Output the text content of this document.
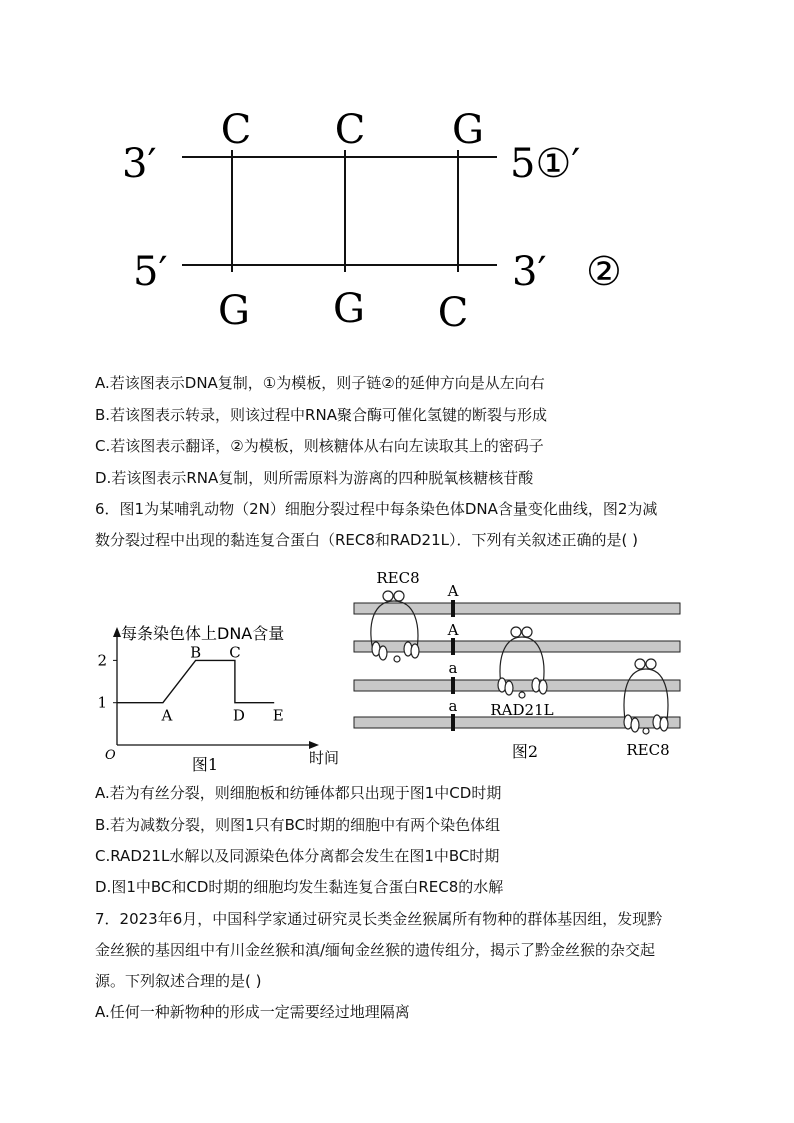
3′	5①′
5′	3′ ②
C C G
G G C
A.若该图表示DNA复制，①为模板，则子链②的延伸方向是从左向右
B.若该图表示转录，则该过程中RNA聚合酶可催化氢键的断裂与形成
C.若该图表示翻译，②为模板，则核糖体从右向左读取其上的密码子
D.若该图表示RNA复制，则所需原料为游离的四种脱氧核糖核苷酸
6．图1为某哺乳动物（2N）细胞分裂过程中每条染色体DNA含量变化曲线，图2为减
数分裂过程中出现的黏连复合蛋白（REC8和RAD21L）．下列有关叙述正确的是( )
每条染色体上DNA含量
时间
O	图1
1
2
A
B C
D E
A
A
a
a
REC8
RAD21L
REC8
图2
A.若为有丝分裂，则细胞板和纺锤体都只出现于图1中CD时期
B.若为减数分裂，则图1只有BC时期的细胞中有两个染色体组
C.RAD21L水解以及同源染色体分离都会发生在图1中BC时期
D.图1中BC和CD时期的细胞均发生黏连复合蛋白REC8的水解
7．2023年6月，中国科学家通过研究灵长类金丝猴属所有物种的群体基因组，发现黔
金丝猴的基因组中有川金丝猴和滇/缅甸金丝猴的遗传组分，揭示了黔金丝猴的杂交起
源。下列叙述合理的是( )
A.任何一种新物种的形成一定需要经过地理隔离
